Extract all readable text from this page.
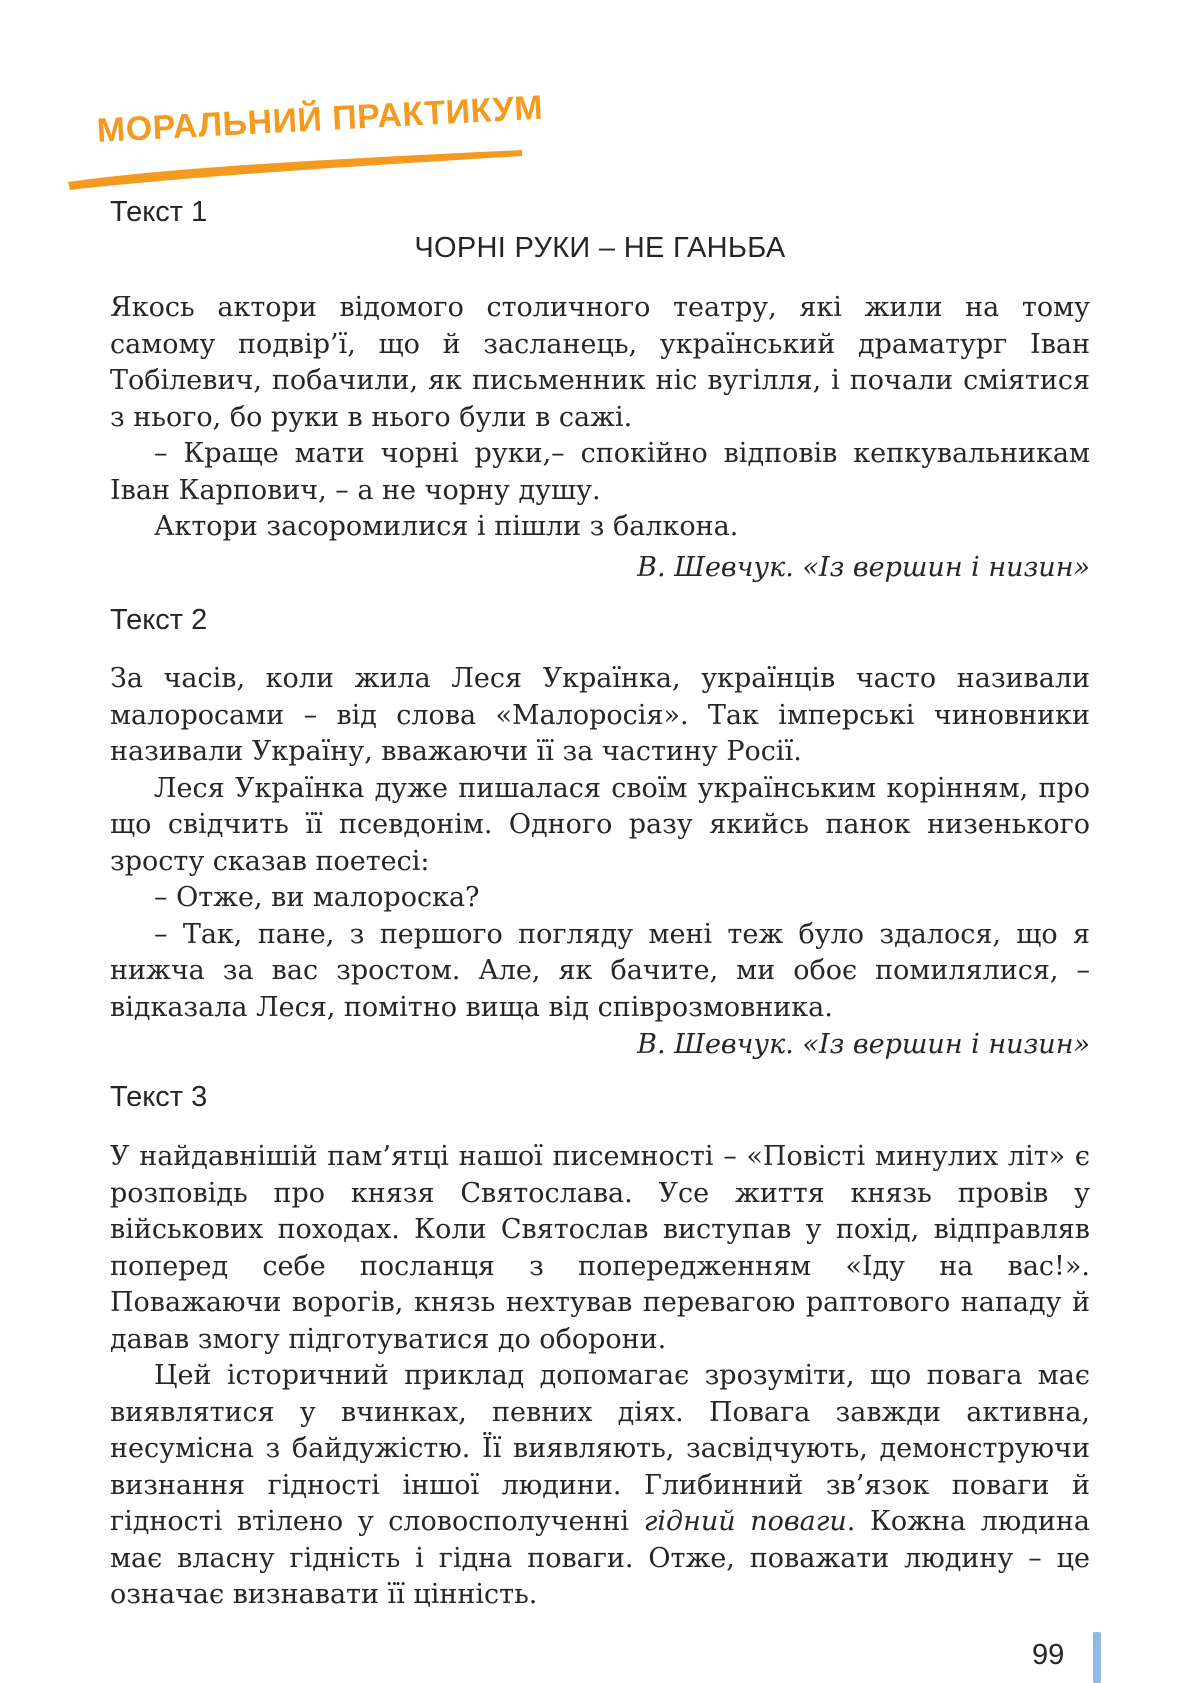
МОРАЛЬНИЙ ПРАКТИКУМ
Текст 1
ЧОРНІ РУКИ – НЕ ГАНЬБА

Якось актори відомого столичного театру, які жили на тому самому подвір’ї, що й засланець, український драматург Іван Тобілевич, побачили, як письменник ніс вугілля, і почали сміятися з нього, бо руки в нього були в сажі.

– Краще мати чорні руки,– спокійно відповів кепкувальникам Іван Карпович, – а не чорну душу.

Актори засоромилися і пішли з балкона.

В. Шевчук. «Із вершин і низин»
Текст 2

За часів, коли жила Леся Українка, українців часто називали малоросами – від слова «Малоросія». Так імперські чиновники називали Україну, вважаючи її за частину Росії.

Леся Українка дуже пишалася своїм українським корінням, про що свідчить її псевдонім. Одного разу якийсь панок низенького зросту сказав поетесі:

– Отже, ви малороска?

– Так, пане, з першого погляду мені теж було здалося, що я нижча за вас зростом. Але, як бачите, ми обоє помилялися, – відказала Леся, помітно вища від співрозмовника.

В. Шевчук. «Із вершин і низин»
Текст 3

У найдавнішій пам’ятці нашої писемності – «Повісті минулих літ» є розповідь про князя Святослава. Усе життя князь провів у військових походах. Коли Святослав виступав у похід, відправляв поперед себе посланця з попередженням «Іду на вас!». Поважаючи ворогів, князь нехтував перевагою раптового нападу й давав змогу підготуватися до оборони.

Цей історичний приклад допомагає зрозуміти, що повага має виявлятися у вчинках, певних діях. Повага завжди активна, несумісна з байдужістю. Її виявляють, засвідчують, демонструючи визнання гідності іншої людини. Глибинний зв’язок поваги й гідності втілено у словосполученні гідний поваги. Кожна людина має власну гідність і гідна поваги. Отже, поважати людину – це означає визнавати її цінність.

99
